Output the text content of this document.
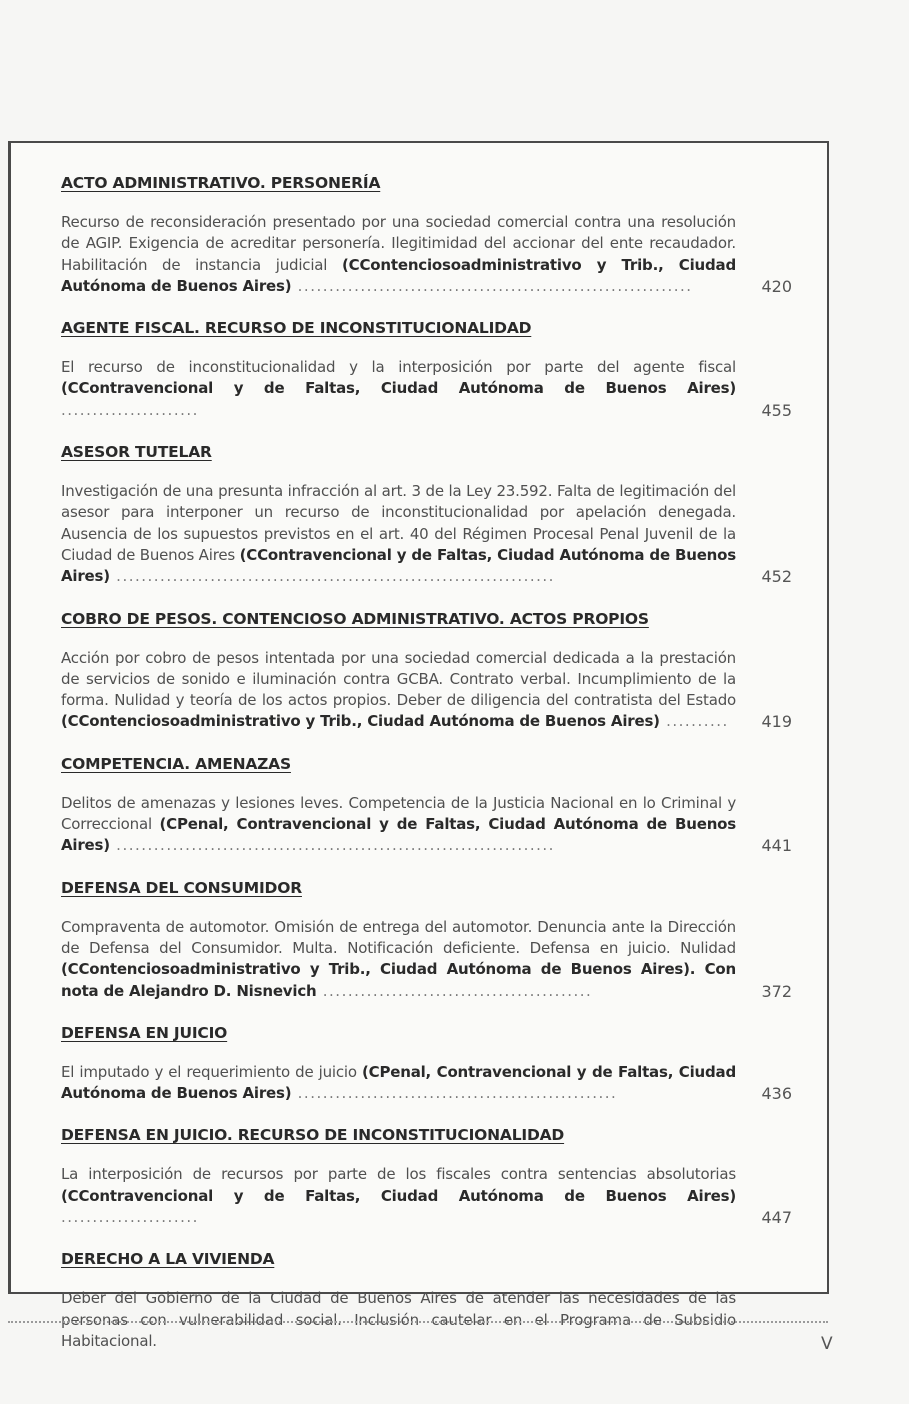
ACTO ADMINISTRATIVO. PERSONERÍA
Recurso de reconsideración presentado por una sociedad comercial contra una resolución de AGIP. Exigencia de acreditar personería. Ilegitimidad del accionar del ente recaudador. Habilitación de instancia judicial (CContenciosoadministrativo y Trib., Ciudad Autónoma de Buenos Aires) ...............................................................	420
AGENTE FISCAL. RECURSO DE INCONSTITUCIONALIDAD
El recurso de inconstitucionalidad y la interposición por parte del agente fiscal (CContravencional y de Faltas, Ciudad Autónoma de Buenos Aires) ......................	455
ASESOR TUTELAR
Investigación de una presunta infracción al art. 3 de la Ley 23.592. Falta de legitimación del asesor para interponer un recurso de inconstitucionalidad por apelación denegada. Ausencia de los supuestos previstos en el art. 40 del Régimen Procesal Penal Juvenil de la Ciudad de Buenos Aires (CContravencional y de Faltas, Ciudad Autónoma de Buenos Aires) ......................................................................	452
COBRO DE PESOS. CONTENCIOSO ADMINISTRATIVO. ACTOS PROPIOS
Acción por cobro de pesos intentada por una sociedad comercial dedicada a la prestación de servicios de sonido e iluminación contra GCBA. Contrato verbal. Incumplimiento de la forma. Nulidad y teoría de los actos propios. Deber de diligencia del contratista del Estado (CContenciosoadministrativo y Trib., Ciudad Autónoma de Buenos Aires) ..........	419
COMPETENCIA. AMENAZAS
Delitos de amenazas y lesiones leves. Competencia de la Justicia Nacional en lo Criminal y Correccional (CPenal, Contravencional y de Faltas, Ciudad Autónoma de Buenos Aires) ......................................................................	441
DEFENSA DEL CONSUMIDOR
Compraventa de automotor. Omisión de entrega del automotor. Denuncia ante la Dirección de Defensa del Consumidor. Multa. Notificación deficiente. Defensa en juicio. Nulidad (CContenciosoadministrativo y Trib., Ciudad Autónoma de Buenos Aires). Con nota de Alejandro D. Nisnevich ...........................................	372
DEFENSA EN JUICIO
El imputado y el requerimiento de juicio (CPenal, Contravencional y de Faltas, Ciudad Autónoma de Buenos Aires) ...................................................	436
DEFENSA EN JUICIO. RECURSO DE INCONSTITUCIONALIDAD
La interposición de recursos por parte de los fiscales contra sentencias absolutorias (CContravencional y de Faltas, Ciudad Autónoma de Buenos Aires) ......................	447
DERECHO A LA VIVIENDA
Deber del Gobierno de la Ciudad de Buenos Aires de atender las necesidades de las personas con vulnerabilidad social. Inclusión cautelar en el Programa de Subsidio Habitacional.	V
